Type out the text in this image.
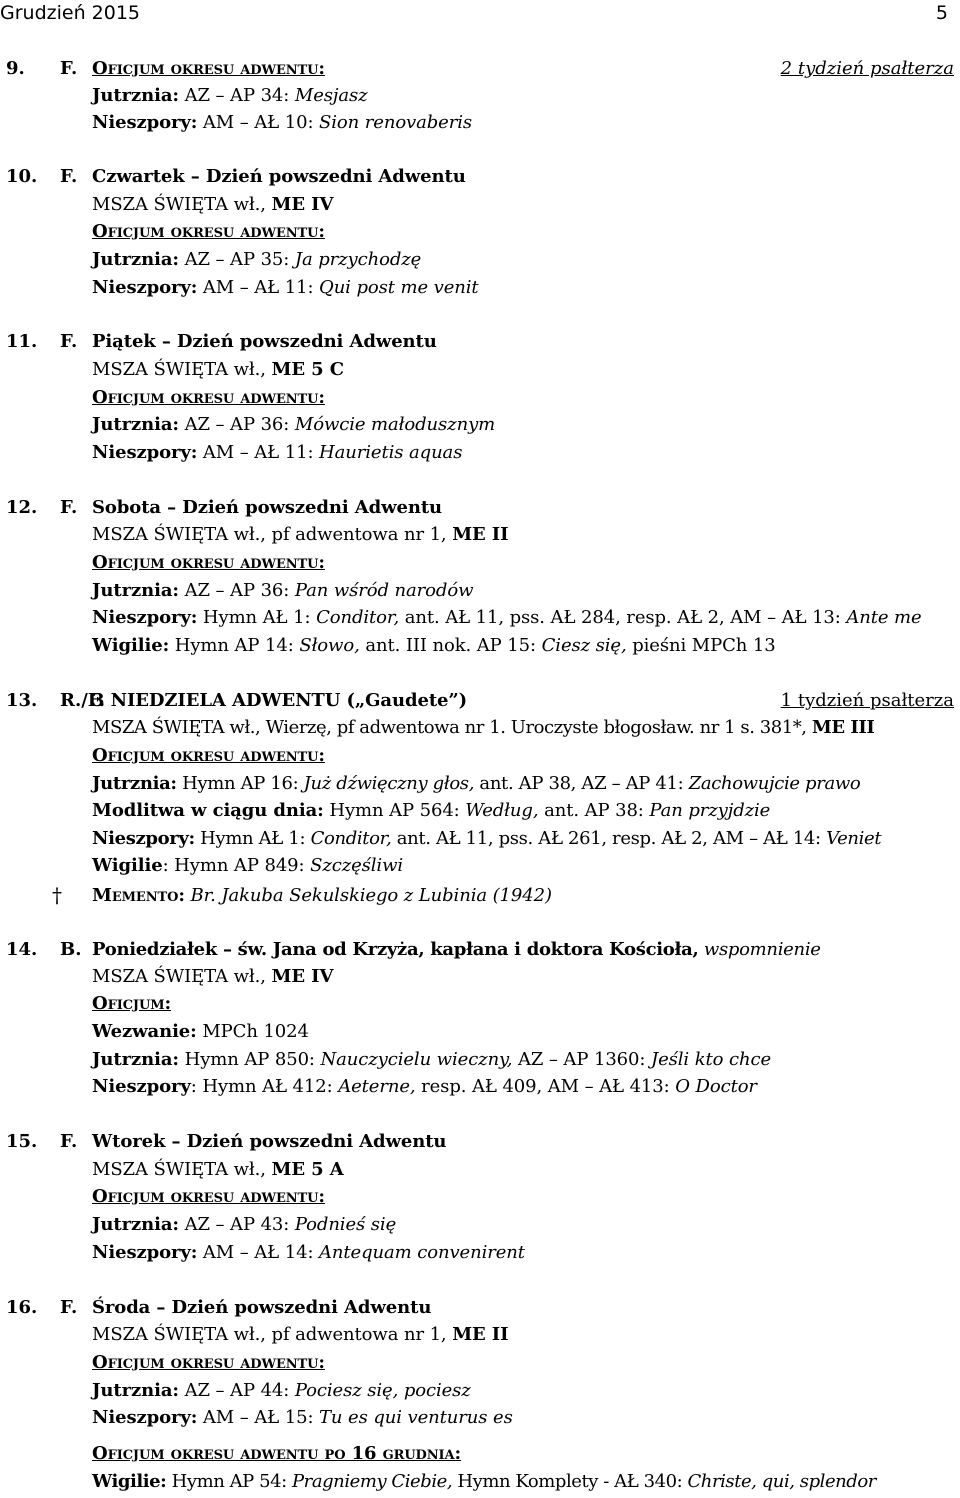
Grudzień 2015	5
9. F. Oficjum okresu adwentu:	2 tydzień psałterza
Jutrznia: AZ – AP 34: Mesjasz
Nieszpory: AM – AŁ 10: Sion renovaberis
10. F. Czwartek – Dzień powszedni Adwentu
MSZA ŚWIĘTA wł., ME IV
Oficjum okresu adwentu:
Jutrznia: AZ – AP 35: Ja przychodzę
Nieszpory: AM – AŁ 11: Qui post me venit
11. F. Piątek – Dzień powszedni Adwentu
MSZA ŚWIĘTA wł., ME 5 C
Oficjum okresu adwentu:
Jutrznia: AZ – AP 36: Mówcie małodusznym
Nieszpory: AM – AŁ 11: Haurietis aquas
12. F. Sobota – Dzień powszedni Adwentu
MSZA ŚWIĘTA wł., pf adwentowa nr 1, ME II
Oficjum okresu adwentu:
Jutrznia: AZ – AP 36: Pan wśród narodów
Nieszpory: Hymn AŁ 1: Conditor, ant. AŁ 11, pss. AŁ 284, resp. AŁ 2, AM – AŁ 13: Ante me
Wigilie: Hymn AP 14: Słowo, ant. III nok. AP 15: Ciesz się, pieśni MPCh 13
13. R./F.
3 NIEDZIELA ADWENTU („Gaudete”)	1 tydzień psałterza
MSZA ŚWIĘTA wł., Wierzę, pf adwentowa nr 1. Uroczyste błogosław. nr 1 s. 381*, ME III
Oficjum okresu adwentu:
Jutrznia: Hymn AP 16: Już dźwięczny głos, ant. AP 38, AZ – AP 41: Zachowujcie prawo
Modlitwa w ciągu dnia: Hymn AP 564: Według, ant. AP 38: Pan przyjdzie
Nieszpory: Hymn AŁ 1: Conditor, ant. AŁ 11, pss. AŁ 261, resp. AŁ 2, AM – AŁ 14: Veniet
Wigilie: Hymn AP 849: Szczęśliwi
† Memento: Br. Jakuba Sekulskiego z Lubinia (1942)
14. B. Poniedziałek – św. Jana od Krzyża, kapłana i doktora Kościoła, wspomnienie
MSZA ŚWIĘTA wł., ME IV
Oficjum:
Wezwanie: MPCh 1024
Jutrznia: Hymn AP 850: Nauczycielu wieczny, AZ – AP 1360: Jeśli kto chce
Nieszpory: Hymn AŁ 412: Aeterne, resp. AŁ 409, AM – AŁ 413: O Doctor
15. F. Wtorek – Dzień powszedni Adwentu
MSZA ŚWIĘTA wł., ME 5 A
Oficjum okresu adwentu:
Jutrznia: AZ – AP 43: Podnieś się
Nieszpory: AM – AŁ 14: Antequam convenirent
16. F. Środa – Dzień powszedni Adwentu
MSZA ŚWIĘTA wł., pf adwentowa nr 1, ME II
Oficjum okresu adwentu:
Jutrznia: AZ – AP 44: Pociesz się, pociesz
Nieszpory: AM – AŁ 15: Tu es qui venturus es
Oficjum okresu adwentu po 16 grudnia:
Wigilie: Hymn AP 54: Pragniemy Ciebie, Hymn Komplety - AŁ 340: Christe, qui, splendor
